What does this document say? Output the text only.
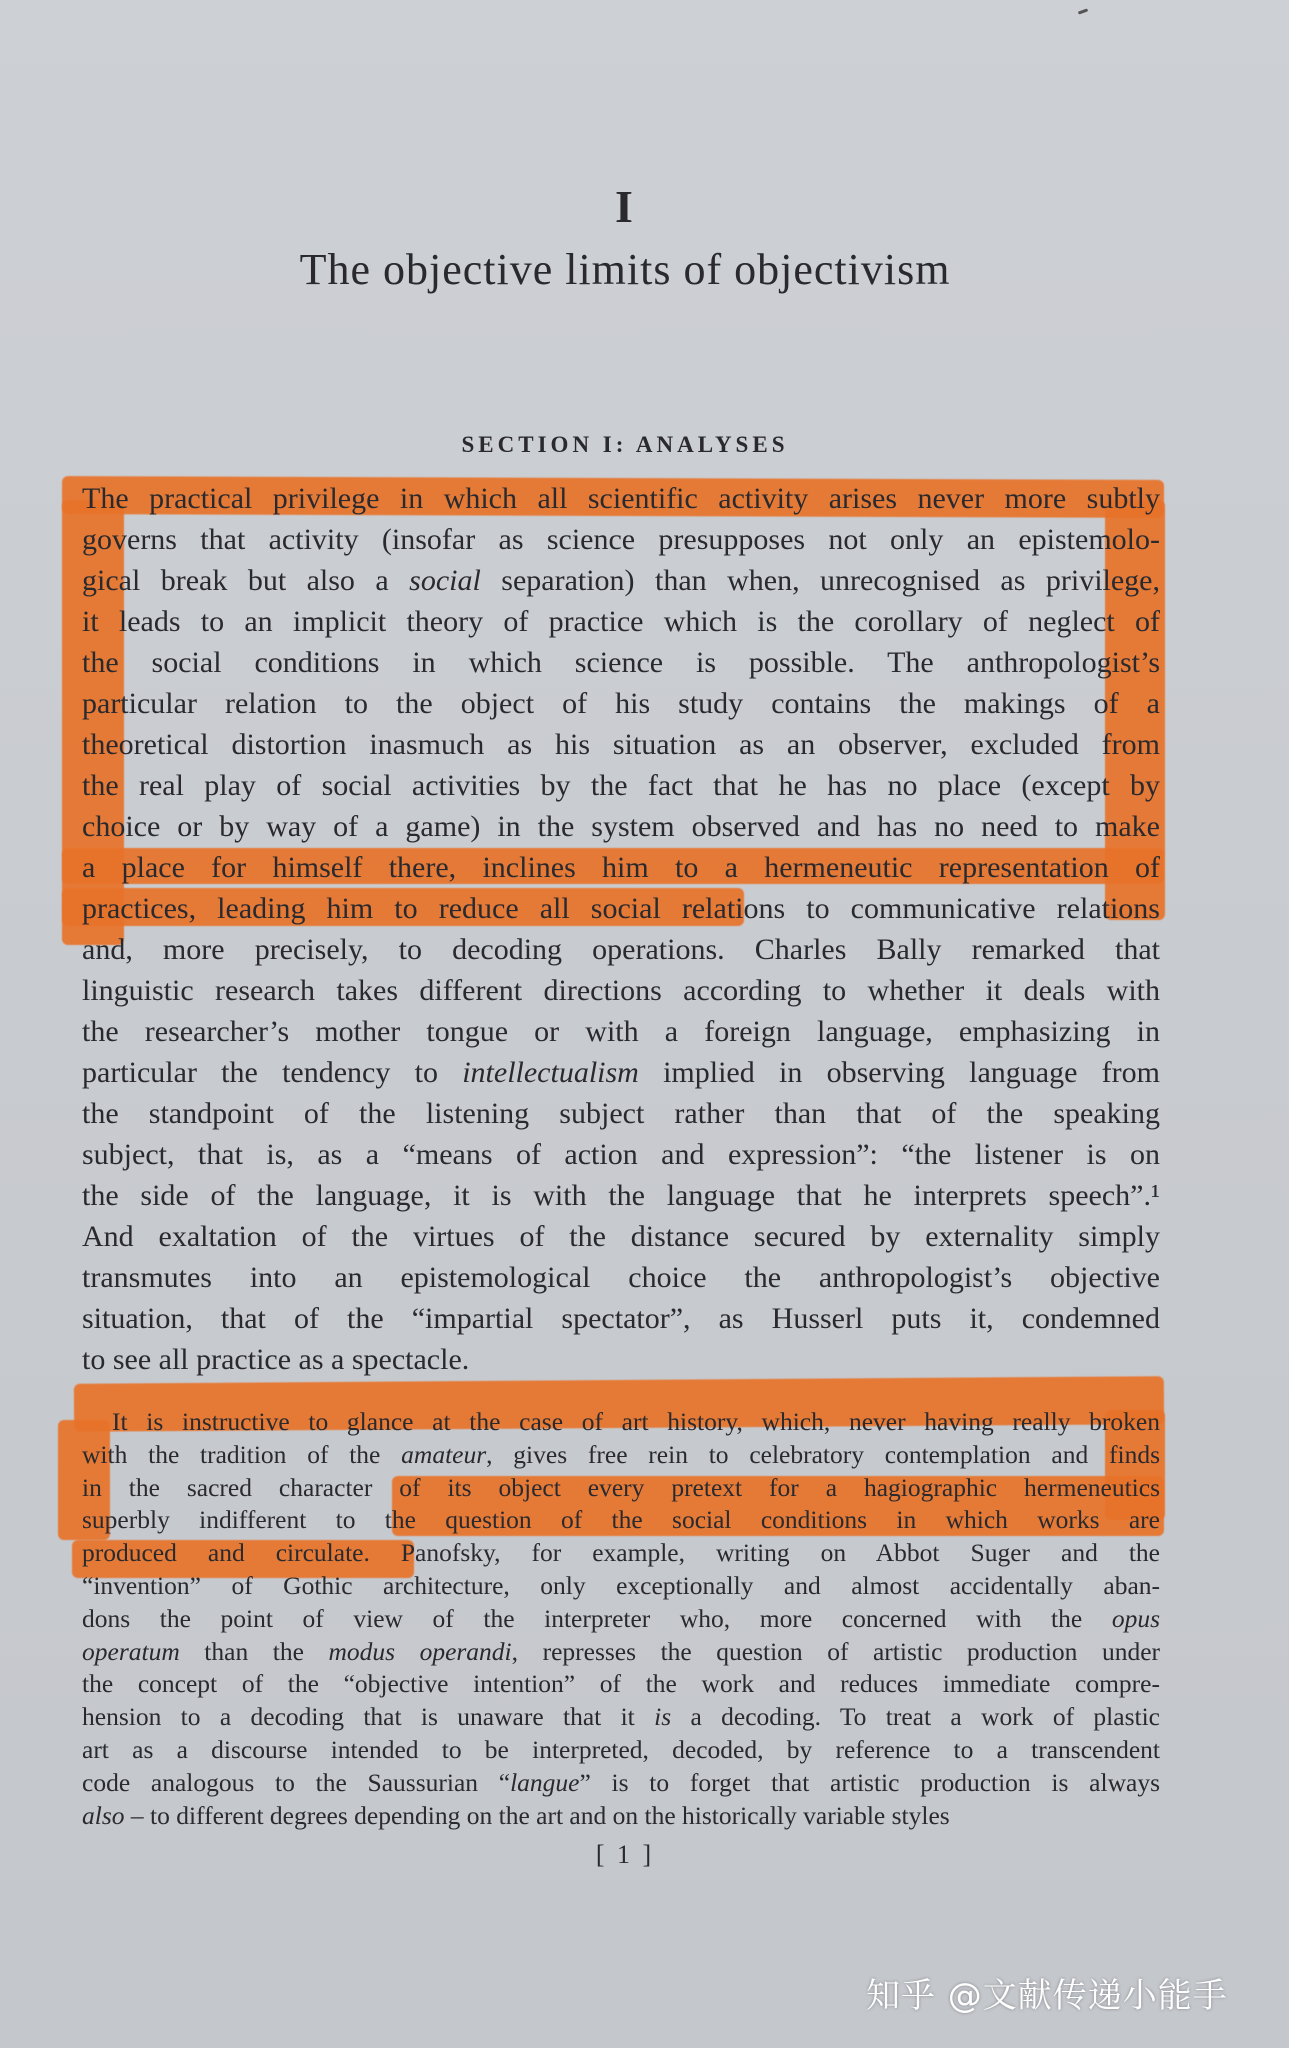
I
The objective limits of objectivism
SECTION I: ANALYSES
The practical privilege in which all scientific activity arises never more subtly
governs that activity (insofar as science presupposes not only an epistemolo-
gical break but also a social separation) than when, unrecognised as privilege,
it leads to an implicit theory of practice which is the corollary of neglect of
the social conditions in which science is possible. The anthropologist’s
particular relation to the object of his study contains the makings of a
theoretical distortion inasmuch as his situation as an observer, excluded from
the real play of social activities by the fact that he has no place (except by
choice or by way of a game) in the system observed and has no need to make
a place for himself there, inclines him to a hermeneutic representation of
practices, leading him to reduce all social relations to communicative relations
and, more precisely, to decoding operations. Charles Bally remarked that
linguistic research takes different directions according to whether it deals with
the researcher’s mother tongue or with a foreign language, emphasizing in
particular the tendency to intellectualism implied in observing language from
the standpoint of the listening subject rather than that of the speaking
subject, that is, as a “means of action and expression”: “the listener is on
the side of the language, it is with the language that he interprets speech”.¹
And exaltation of the virtues of the distance secured by externality simply
transmutes into an epistemological choice the anthropologist’s objective
situation, that of the “impartial spectator”, as Husserl puts it, condemned
to see all practice as a spectacle.
It is instructive to glance at the case of art history, which, never having really broken
with the tradition of the amateur, gives free rein to celebratory contemplation and finds
in the sacred character of its object every pretext for a hagiographic hermeneutics
superbly indifferent to the question of the social conditions in which works are
produced and circulate. Panofsky, for example, writing on Abbot Suger and the
“invention” of Gothic architecture, only exceptionally and almost accidentally aban-
dons the point of view of the interpreter who, more concerned with the opus
operatum than the modus operandi, represses the question of artistic production under
the concept of the “objective intention” of the work and reduces immediate compre-
hension to a decoding that is unaware that it is a decoding. To treat a work of plastic
art as a discourse intended to be interpreted, decoded, by reference to a transcendent
code analogous to the Saussurian “langue” is to forget that artistic production is always
also – to different degrees depending on the art and on the historically variable styles
[ 1 ]
知乎 @文献传递小能手
